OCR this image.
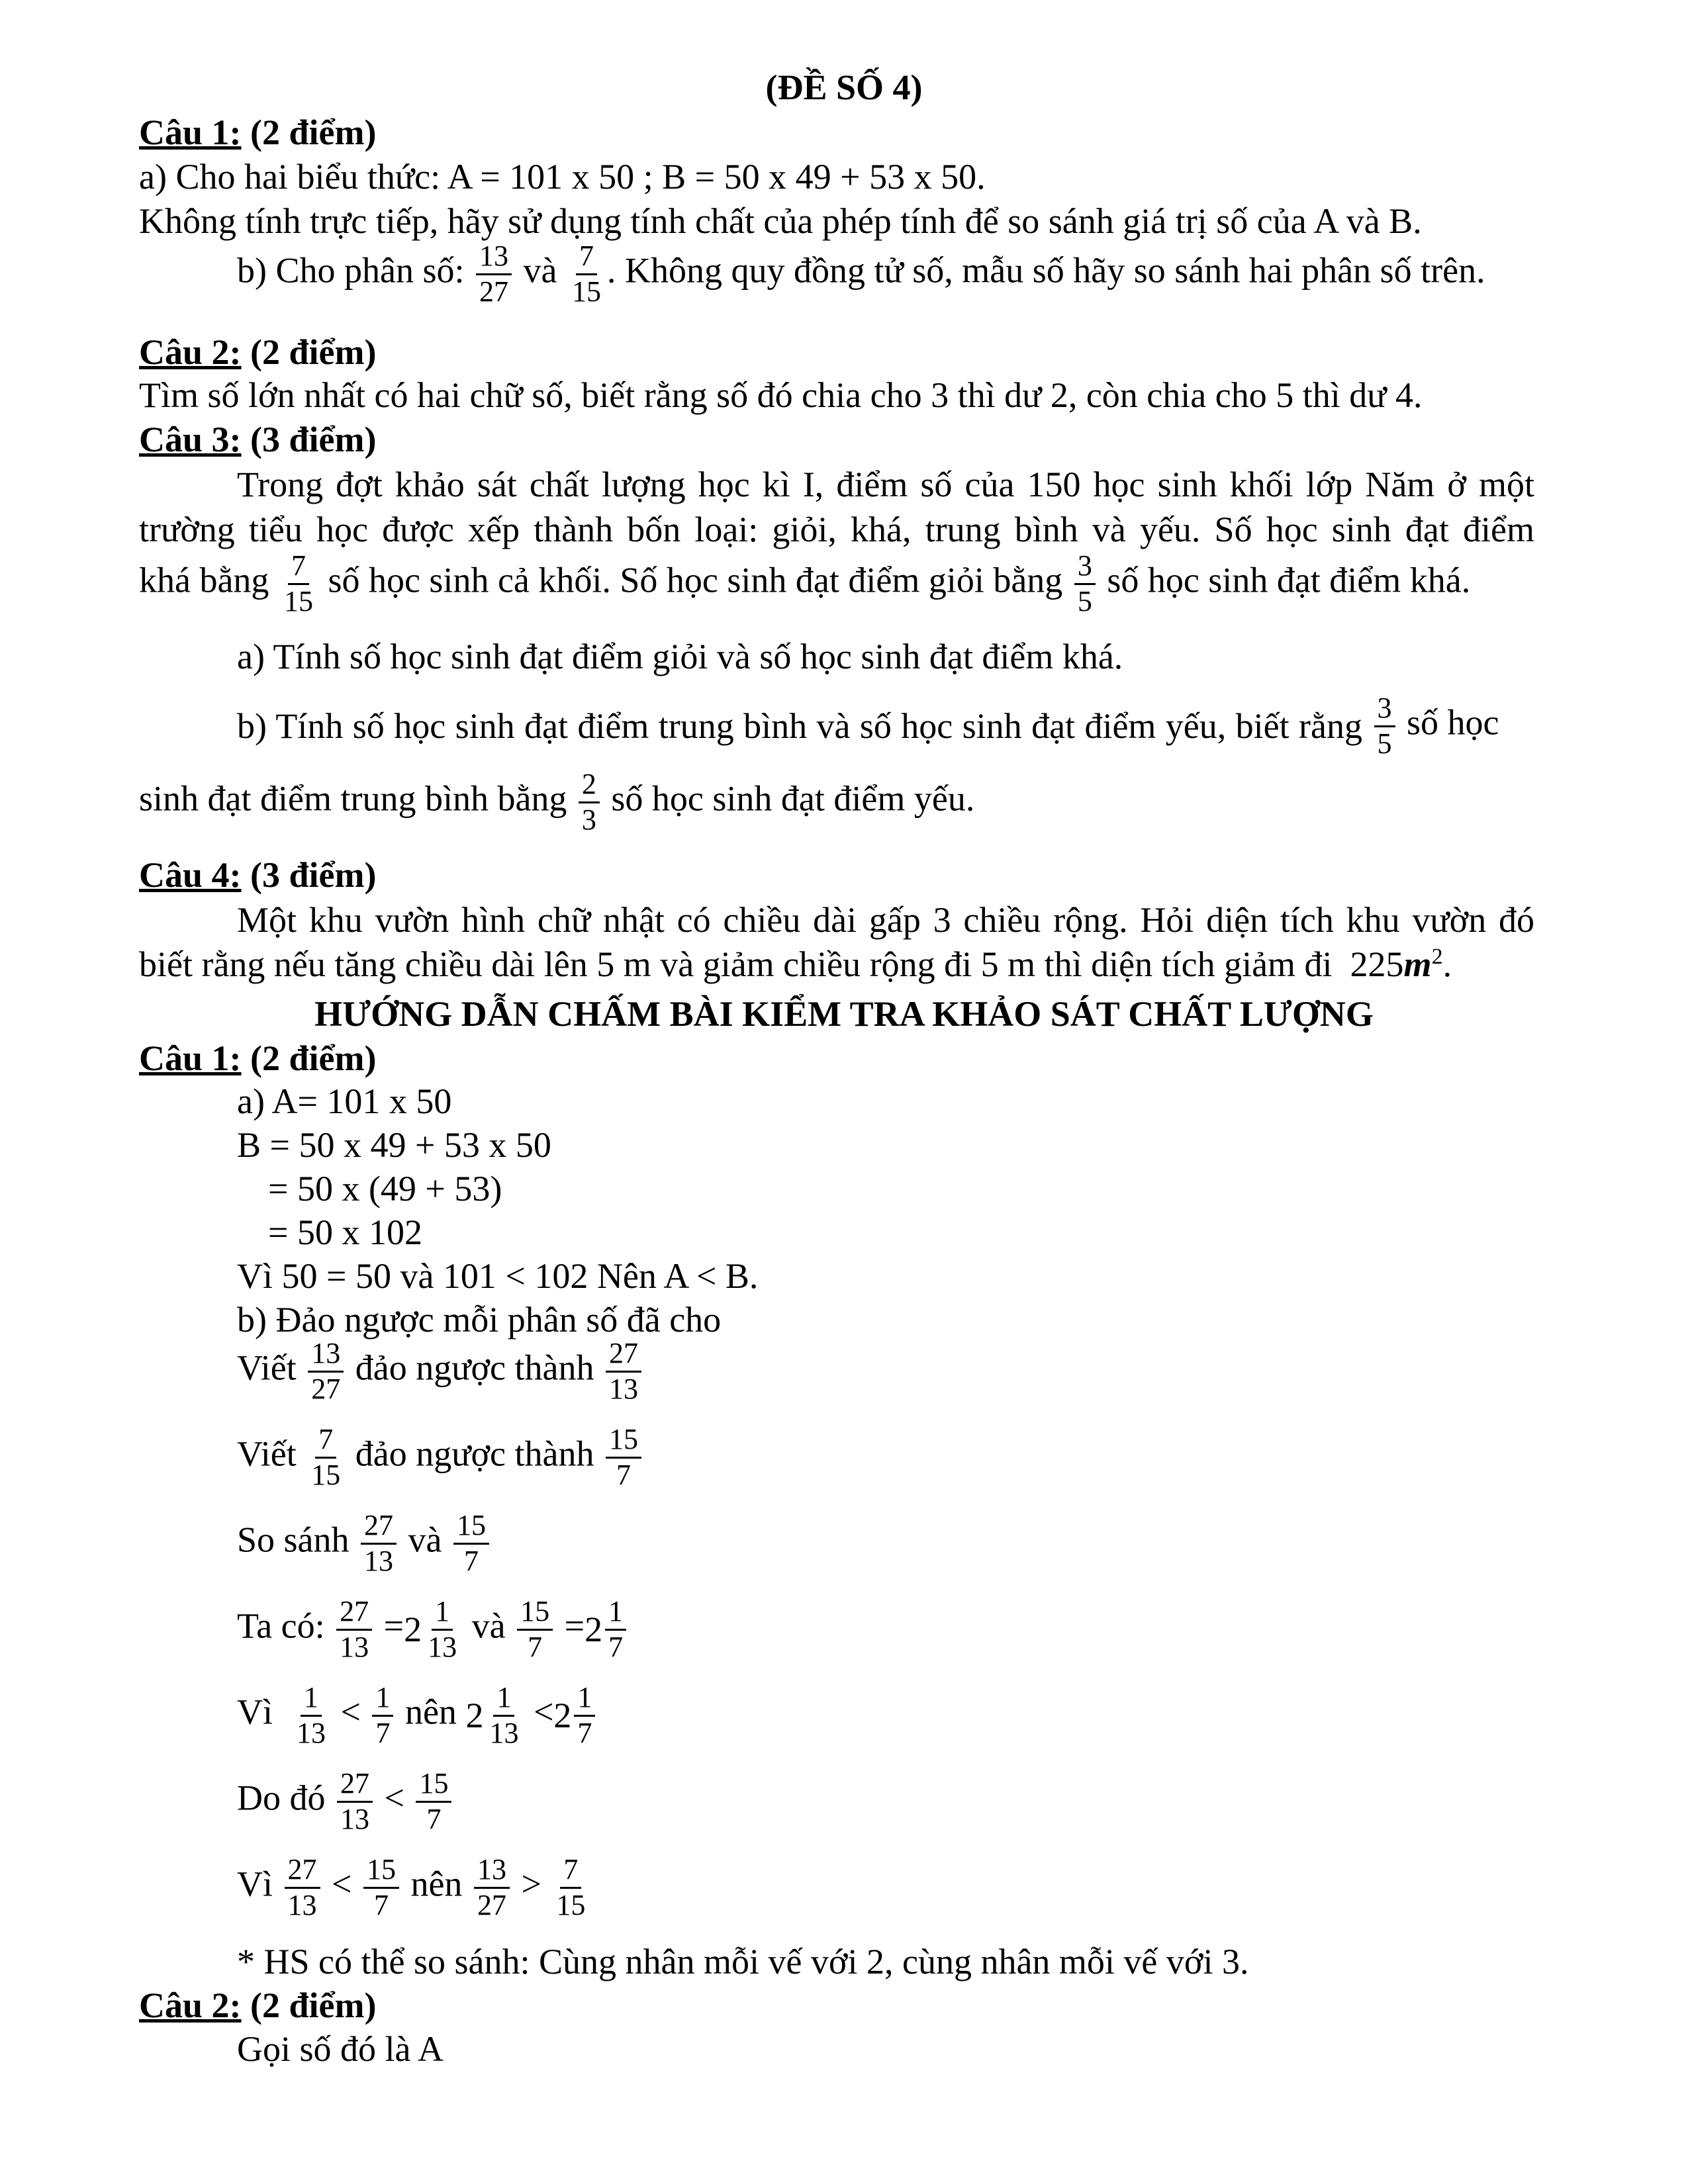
(ĐỀ SỐ 4)
Câu 1: (2 điểm)
a) Cho hai biểu thức: A = 101 x 50 ; B = 50 x 49 + 53 x 50.
Không tính trực tiếp, hãy sử dụng tính chất của phép tính để so sánh giá trị số của A và B.
b) Cho phân số: $\frac{13}{27}$ và $\frac{7}{15}$ . Không quy đồng tử số, mẫu số hãy so sánh hai phân số trên.
Câu 2: (2 điểm)
Tìm số lớn nhất có hai chữ số, biết rằng số đó chia cho 3 thì dư 2, còn chia cho 5 thì dư 4.
Câu 3: (3 điểm)
Trong đợt khảo sát chất lượng học kì I, điểm số của 150 học sinh khối lớp Năm ở một
trường tiểu học được xếp thành bốn loại: giỏi, khá, trung bình và yếu. Số học sinh đạt điểm
khá bằng $\frac{7}{15}$ số học sinh cả khối. Số học sinh đạt điểm giỏi bằng $\frac{3}{5}$ số học sinh đạt điểm khá.
a) Tính số học sinh đạt điểm giỏi và số học sinh đạt điểm khá.
b) Tính số học sinh đạt điểm trung bình và số học sinh đạt điểm yếu, biết rằng $\frac{3}{5}$ số học
sinh đạt điểm trung bình bằng $\frac{2}{3}$ số học sinh đạt điểm yếu.
Câu 4: (3 điểm)
Một khu vườn hình chữ nhật có chiều dài gấp 3 chiều rộng. Hỏi diện tích khu vườn đó
biết rằng nếu tăng chiều dài lên 5 m và giảm chiều rộng đi 5 m thì diện tích giảm đi $225m^2$.
HƯỚNG DẪN CHẤM BÀI KIỂM TRA KHẢO SÁT CHẤT LƯỢNG
Câu 1: (2 điểm)
a) A= 101 x 50
B = 50 x 49 + 53 x 50
= 50 x (49 + 53)
= 50 x 102
Vì 50 = 50 và 101 < 102 Nên A < B.
b) Đảo ngược mỗi phân số đã cho
Viết $\frac{13}{27}$ đảo ngược thành $\frac{27}{13}$
Viết $\frac{7}{15}$ đảo ngược thành $\frac{15}{7}$
So sánh $\frac{27}{13}$ và $\frac{15}{7}$
Ta có: $\frac{27}{13} = 2 \frac{1}{13}$ và $\frac{15}{7} = 2 \frac{1}{7}$
Vì $\frac{1}{13} < \frac{1}{7}$ nên $2 \frac{1}{13} < 2 \frac{1}{7}$
Do đó $\frac{27}{13} < \frac{15}{7}$
Vì $\frac{27}{13} < \frac{15}{7}$ nên $\frac{13}{27} > \frac{7}{15}$
* HS có thể so sánh: Cùng nhân mỗi vế với 2, cùng nhân mỗi vế với 3.
Câu 2: (2 điểm)
Gọi số đó là A
